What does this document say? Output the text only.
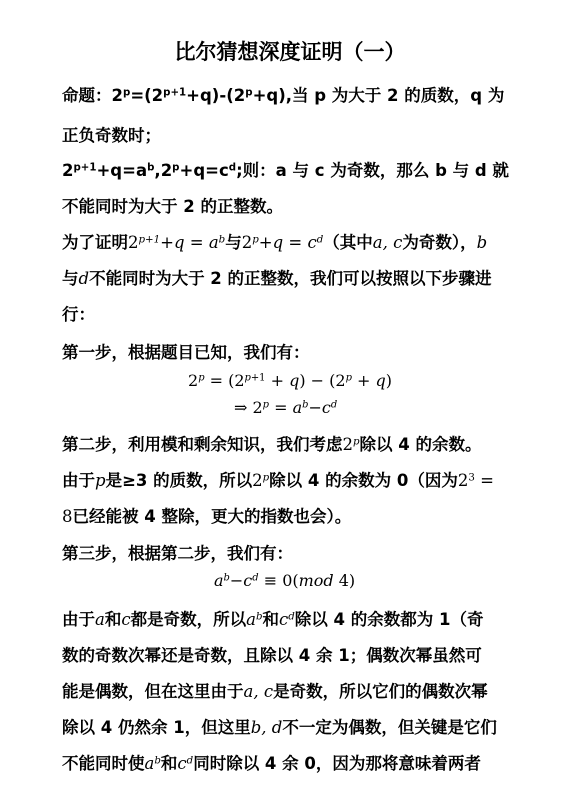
比尔猜想深度证明（一）
命题：$2^p=(2^{p+1}+q)-(2^p+q)$,当 p 为大于 2 的质数，q 为
正负奇数时；
$2^{p+1}+q=a^b,2^p+q=c^d$;则：a 与 c 为奇数，那么 b 与 d 就
不能同时为大于 2 的正整数。
为了证明$2^{p+1}+q = a^b$与$2^p+q = c^d$（其中a, c为奇数），b
与d不能同时为大于 2 的正整数，我们可以按照以下步骤进
行：
第一步，根据题目已知，我们有：
$2^p = (2^{p+1} + q) - (2^p + q)$
⇒ $2^p = a^b-c^d$
第二步，利用模和剩余知识，我们考虑2$^p$除以 4 的余数。
由于p是≥3 的质数，所以2$^p$除以 4 的余数为 0（因为$2^3$ =
8已经能被 4 整除，更大的指数也会）。
第三步，根据第二步，我们有：
$a^b-c^d \equiv 0(mod$ 4)
由于a和c都是奇数，所以$a^b$和$c^d$除以 4 的余数都为 1（奇
数的奇数次幂还是奇数，且除以 4 余 1；偶数次幂虽然可
能是偶数，但在这里由于a, c是奇数，所以它们的偶数次幂
除以 4 仍然余 1，但这里b, d不一定为偶数，但关键是它们
不能同时使$a^b$和$c^d$同时除以 4 余 0，因为那将意味着两者
